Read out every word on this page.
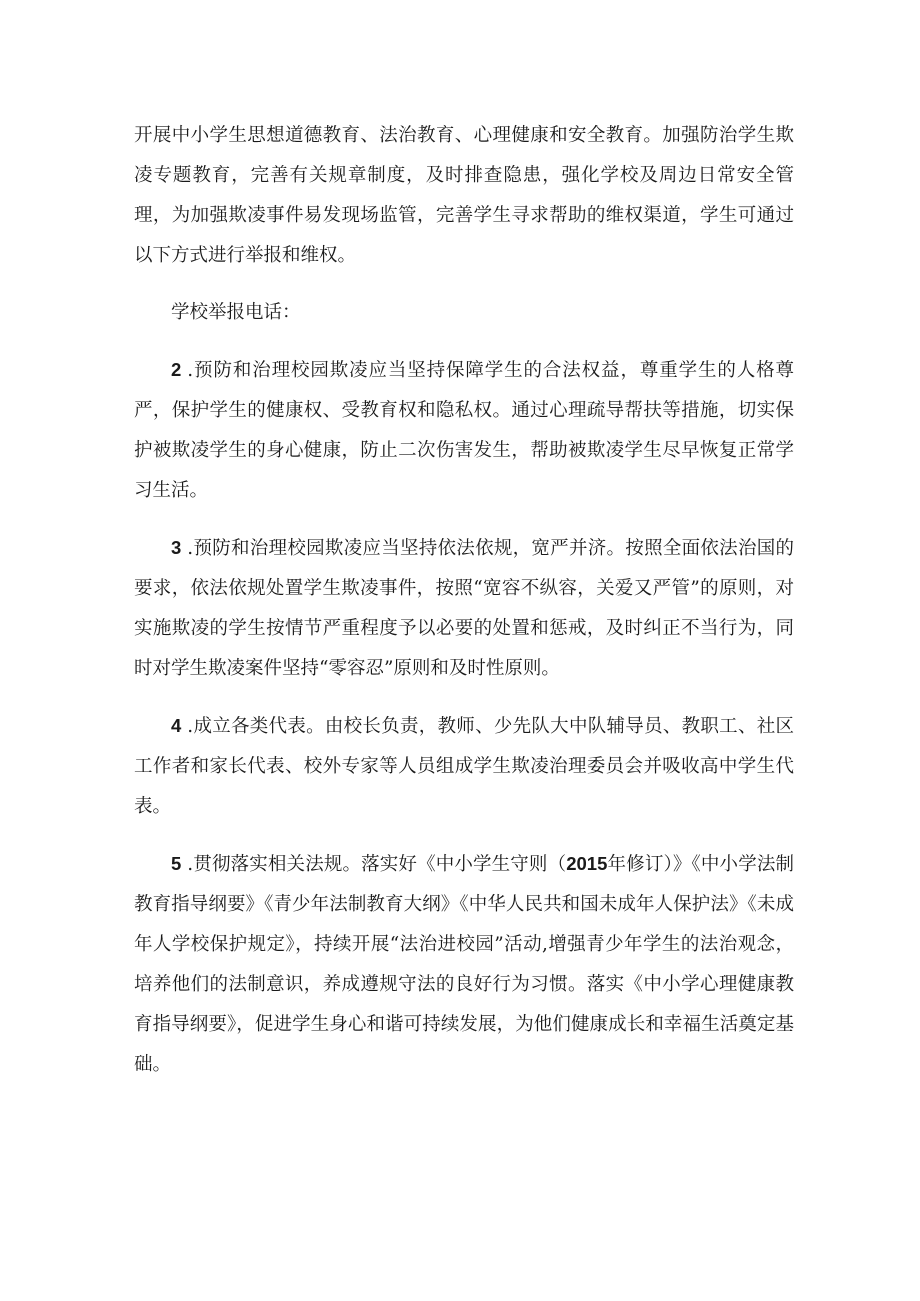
开展中小学生思想道德教育、法治教育、心理健康和安全教育。加强防治学生欺凌专题教育，完善有关规章制度，及时排查隐患，强化学校及周边日常安全管理，为加强欺凌事件易发现场监管，完善学生寻求帮助的维权渠道，学生可通过以下方式进行举报和维权。

学校举报电话：

2 .预防和治理校园欺凌应当坚持保障学生的合法权益，尊重学生的人格尊严，保护学生的健康权、受教育权和隐私权。通过心理疏导帮扶等措施，切实保护被欺凌学生的身心健康，防止二次伤害发生，帮助被欺凌学生尽早恢复正常学习生活。

3 .预防和治理校园欺凌应当坚持依法依规，宽严并济。按照全面依法治国的要求，依法依规处置学生欺凌事件，按照“宽容不纵容，关爱又严管”的原则，对实施欺凌的学生按情节严重程度予以必要的处置和惩戒，及时纠正不当行为，同时对学生欺凌案件坚持“零容忍”原则和及时性原则。

4 .成立各类代表。由校长负责，教师、少先队大中队辅导员、教职工、社区工作者和家长代表、校外专家等人员组成学生欺凌治理委员会并吸收高中学生代表。

5 .贯彻落实相关法规。落实好《中小学生守则（2015年修订）》《中小学法制教育指导纲要》《青少年法制教育大纲》《中华人民共和国未成年人保护法》《未成年人学校保护规定》，持续开展“法治进校园”活动,增强青少年学生的法治观念，培养他们的法制意识，养成遵规守法的良好行为习惯。落实《中小学心理健康教育指导纲要》，促进学生身心和谐可持续发展，为他们健康成长和幸福生活奠定基础。
